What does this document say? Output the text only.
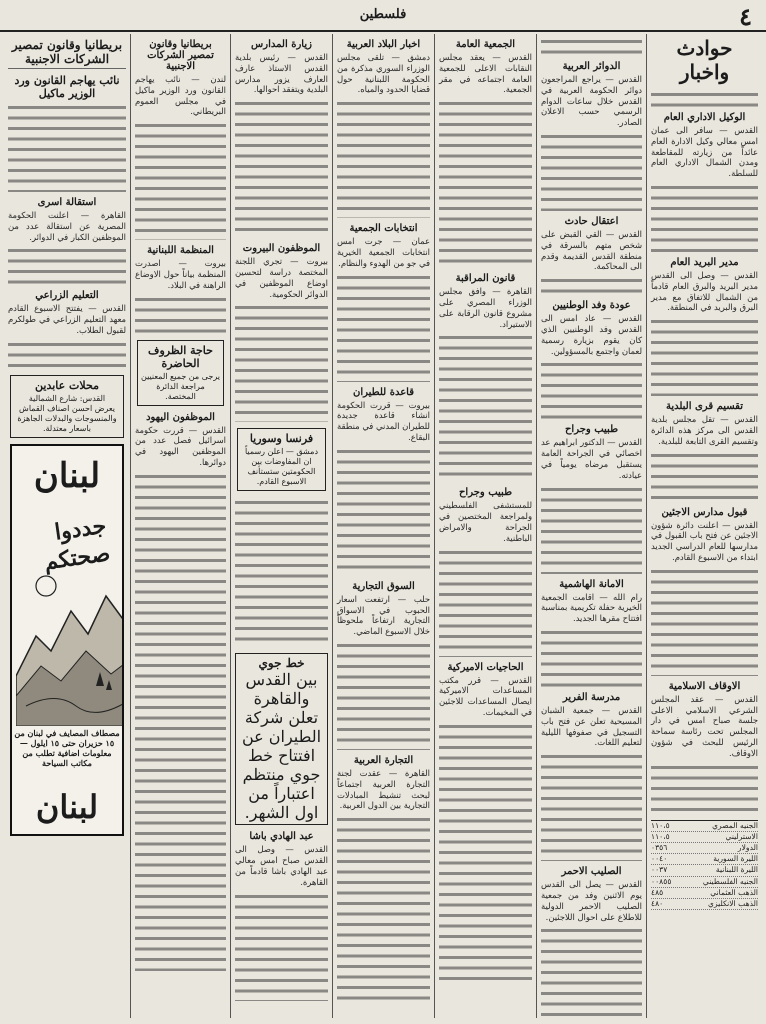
٤
فلسطين
حوادث واخبار
الوكيل الاداري العام

القدس — سافر الى عمان امس معالي وكيل الادارة العام عائداً من زيارته للمقاطعة ومدن الشمال الاداري العام للسلطة.

مدير البريد العام

القدس — وصل الى القدس مدير البريد والبرق العام قادماً من الشمال للاتفاق مع مدير البرق والبريد في المنطقة.

تقسيم قرى البلدية

القدس — تقل مجلس بلدية القدس الى مركز هذه الدائرة وتقسيم القرى التابعة للبلدية.

قبول مدارس الاجئين

القدس — اعلنت دائرة شؤون الاجئين عن فتح باب القبول في مدارسها للعام الدراسي الجديد ابتداء من الاسبوع القادم.

الاوقاف الاسلامية

القدس — عقد المجلس الشرعي الاسلامي الاعلى جلسة صباح امس في دار المجلس تحت رئاسة سماحة الرئيس للبحث في شؤون الاوقاف.

الجنيه المصري
١١٠،٥
الاسترليني
١١٠،٥
الدولار
٠٣٥٦
الليرة السورية
٠٠٤٠
الليرة اللبنانية
٠٠٣٧
الجنيه الفلسطيني
٠٠٨٥٥
الذهب العثماني
٤٨٥
الذهب الانكليزي
٤٨٠
الدوائر العربية

القدس — يراجع المراجعون دوائر الحكومة العربية في القدس خلال ساعات الدوام الرسمي حسب الاعلان الصادر.

اعتقال حادث

القدس — القي القبض على شخص متهم بالسرقة في منطقة القدس القديمة وقدم الى المحاكمة.

عودة وفد الوطنيين

القدس — عاد امس الى القدس وفد الوطنيين الذي كان يقوم بزيارة رسمية لعمان واجتمع بالمسؤولين.

طبيب وجراح

القدس — الدكتور ابراهيم عد اخصائي في الجراحة العامة يستقبل مرضاه يومياً في عيادته.

الامانة الهاشمية

رام الله — اقامت الجمعية الخيرية حفلة تكريمية بمناسبة افتتاح مقرها الجديد.

مدرسة الفرير

القدس — جمعية الشبان المسيحية تعلن عن فتح باب التسجيل في صفوفها الليلية لتعليم اللغات.

الصليب الاحمر

القدس — يصل الى القدس يوم الاثنين وفد من جمعية الصليب الاحمر الدولية للاطلاع على احوال اللاجئين.

الجمعية العامة

القدس — يعقد مجلس النقابات الاعلى للجمعية العامة اجتماعه في مقر الجمعية.

قانون المراقبة

القاهرة — وافق مجلس الوزراء المصري على مشروع قانون الرقابة على الاستيراد.

طبيب وجراح

للمستشفى الفلسطيني ولمراجعة المختصين في الجراحة والامراض الباطنية.

الحاجيات الاميركية

القدس — قرر مكتب المساعدات الاميركية ايصال المساعدات للاجئين في المخيمات.

اخبار البلاد العربية

دمشق — تلقى مجلس الوزراء السوري مذكرة من الحكومة اللبنانية حول قضايا الحدود والمياه.

انتخابات الجمعية

عمان — جرت امس انتخابات الجمعية الخيرية في جو من الهدوء والنظام.

قاعدة للطيران

بيروت — قررت الحكومة انشاء قاعدة جديدة للطيران المدني في منطقة البقاع.

السوق التجارية

حلب — ارتفعت اسعار الحبوب في الاسواق التجارية ارتفاعاً ملحوظاً خلال الاسبوع الماضي.

التجارة العربية

القاهرة — عقدت لجنة التجارة العربية اجتماعاً لبحث تنشيط المبادلات التجارية بين الدول العربية.

زيارة المدارس

القدس — رئيس بلدية القدس الاستاذ عارف العارف يزور مدارس البلدية ويتفقد احوالها.

الموظفون البيروت

بيروت — تجري اللجنة المختصة دراسة لتحسين اوضاع الموظفين في الدوائر الحكومية.

فرنسا وسوريا
دمشق — اعلن رسمياً ان المفاوضات بين الحكومتين ستستأنف الاسبوع القادم.
خط جوي
بين القدس والقاهرة
تعلن شركة الطيران عن افتتاح خط جوي منتظم اعتباراً من اول الشهر.
عبد الهادي باشا

القدس — وصل الى القدس صباح امس معالي عبد الهادي باشا قادماً من القاهرة.

بريطانيا وقانون تمصير الشركات الاجنبية

لندن — نائب يهاجم القانون ورد الوزير ماكيل في مجلس العموم البريطاني.

المنظمة اللبنانية

بيروت — اصدرت المنظمة بياناً حول الاوضاع الراهنة في البلاد.

حاجة الظروف الحاضرة
يرجى من جميع المعنيين مراجعة الدائرة المختصة.
الموظفون اليهود

القدس — قررت حكومة اسرائيل فصل عدد من الموظفين اليهود في دوائرها.

بريطانيا وقانون تمصير الشركات الاجنبية
نائب يهاجم القانون ورد الوزير ماكيل
استقالة اسرى

القاهرة — اعلنت الحكومة المصرية عن استقالة عدد من الموظفين الكبار في الدوائر.

التعليم الزراعي

القدس — يفتتح الاسبوع القادم معهد التعليم الزراعي في طولكرم لقبول الطلاب.

محلات عابدين
القدس: شارع الشمالية
يعرض احسن اصناف القماش والمنسوجات والبدلات الجاهزة باسعار معتدلة.
لبنان
جددوا
صحتكم
مصطاف المصايف في لبنان من ١٥ حزيران حتى ١٥ ايلول — معلومات اضافية تطلب من مكاتب السياحة
لبنان
